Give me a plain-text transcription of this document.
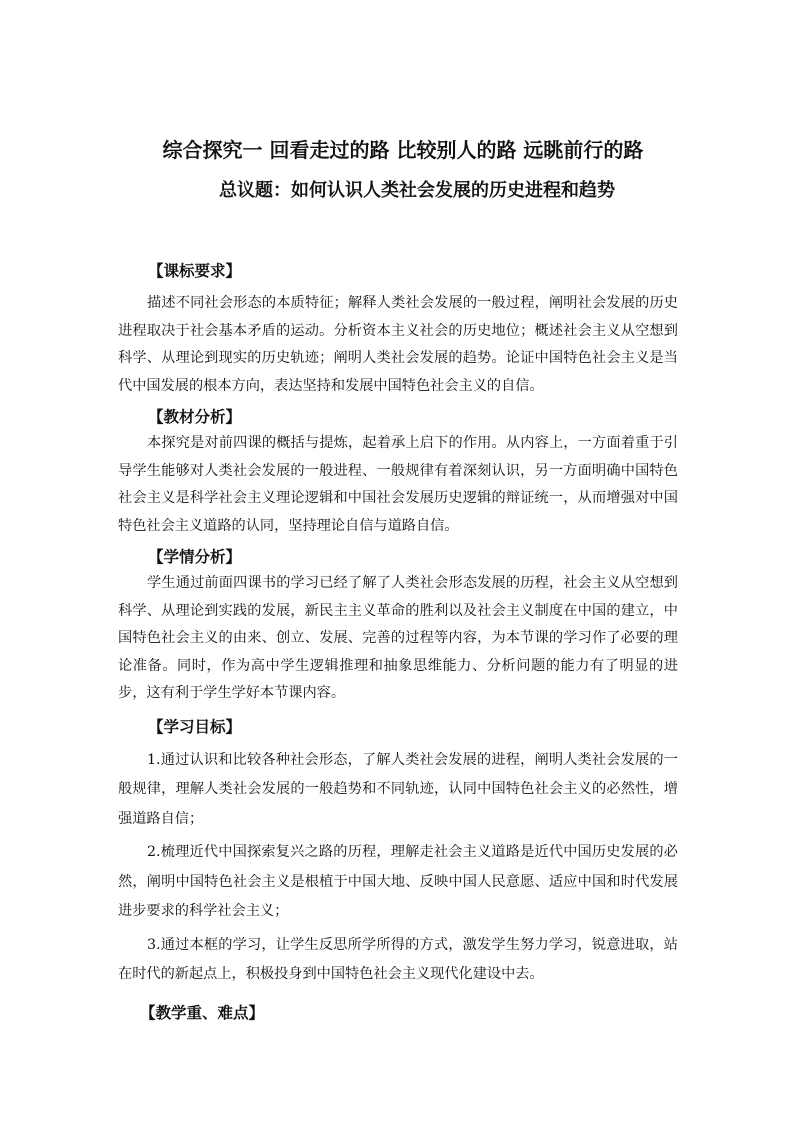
综合探究一 回看走过的路 比较别人的路 远眺前行的路
总议题：如何认识人类社会发展的历史进程和趋势

【课标要求】

描述不同社会形态的本质特征；解释人类社会发展的一般过程，阐明社会发展的历史进程取决于社会基本矛盾的运动。分析资本主义社会的历史地位；概述社会主义从空想到科学、从理论到现实的历史轨迹；阐明人类社会发展的趋势。论证中国特色社会主义是当代中国发展的根本方向，表达坚持和发展中国特色社会主义的自信。

【教材分析】

本探究是对前四课的概括与提炼，起着承上启下的作用。从内容上，一方面着重于引导学生能够对人类社会发展的一般进程、一般规律有着深刻认识，另一方面明确中国特色社会主义是科学社会主义理论逻辑和中国社会发展历史逻辑的辩证统一，从而增强对中国特色社会主义道路的认同，坚持理论自信与道路自信。

【学情分析】

学生通过前面四课书的学习已经了解了人类社会形态发展的历程，社会主义从空想到科学、从理论到实践的发展，新民主主义革命的胜利以及社会主义制度在中国的建立，中国特色社会主义的由来、创立、发展、完善的过程等内容，为本节课的学习作了必要的理论准备。同时，作为高中学生逻辑推理和抽象思维能力、分析问题的能力有了明显的进步，这有利于学生学好本节课内容。

【学习目标】

1.通过认识和比较各种社会形态，了解人类社会发展的进程，阐明人类社会发展的一般规律，理解人类社会发展的一般趋势和不同轨迹，认同中国特色社会主义的必然性，增强道路自信；

2.梳理近代中国探索复兴之路的历程，理解走社会主义道路是近代中国历史发展的必然，阐明中国特色社会主义是根植于中国大地、反映中国人民意愿、适应中国和时代发展进步要求的科学社会主义；

3.通过本框的学习，让学生反思所学所得的方式，激发学生努力学习，锐意进取，站在时代的新起点上，积极投身到中国特色社会主义现代化建设中去。

【教学重、难点】
